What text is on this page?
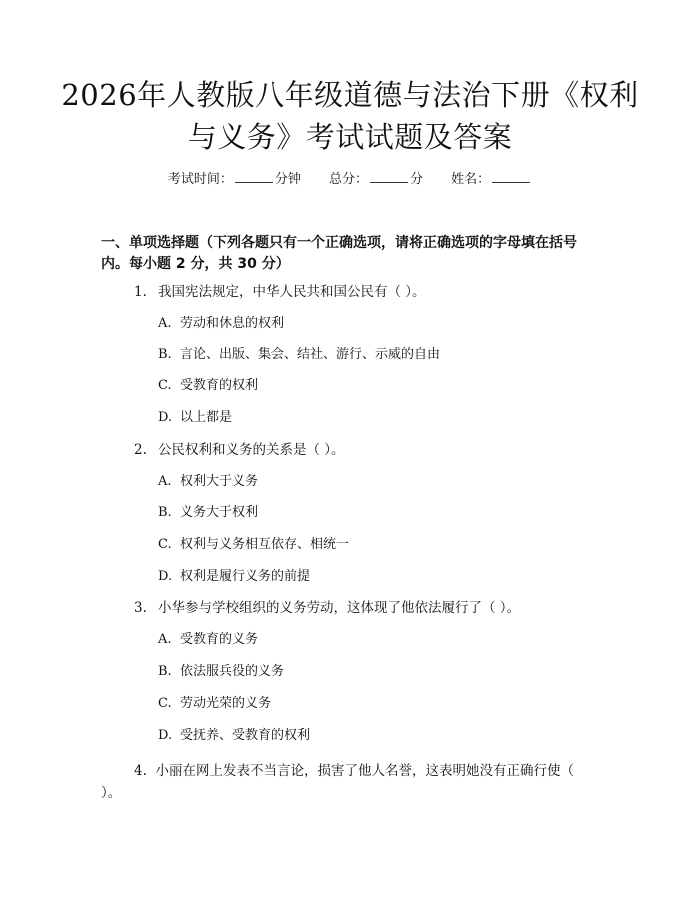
2026年人教版八年级道德与法治下册《权利
与义务》考试试题及答案
考试时间：	分钟 总分：	分 姓名：
一、单项选择题（下列各题只有一个正确选项，请将正确选项的字母填在括号内。每小题 2 分，共 30 分）
1. 我国宪法规定，中华人民共和国公民有（ ）。
A. 劳动和休息的权利
B. 言论、出版、集会、结社、游行、示威的自由
C. 受教育的权利
D. 以上都是
2. 公民权利和义务的关系是（ ）。
A. 权利大于义务
B. 义务大于权利
C. 权利与义务相互依存、相统一
D. 权利是履行义务的前提
3. 小华参与学校组织的义务劳动，这体现了他依法履行了（ ）。
A. 受教育的义务
B. 依法服兵役的义务
C. 劳动光荣的义务
D. 受抚养、受教育的权利
4. 小丽在网上发表不当言论，损害了他人名誉，这表明她没有正确行使（ ）。
